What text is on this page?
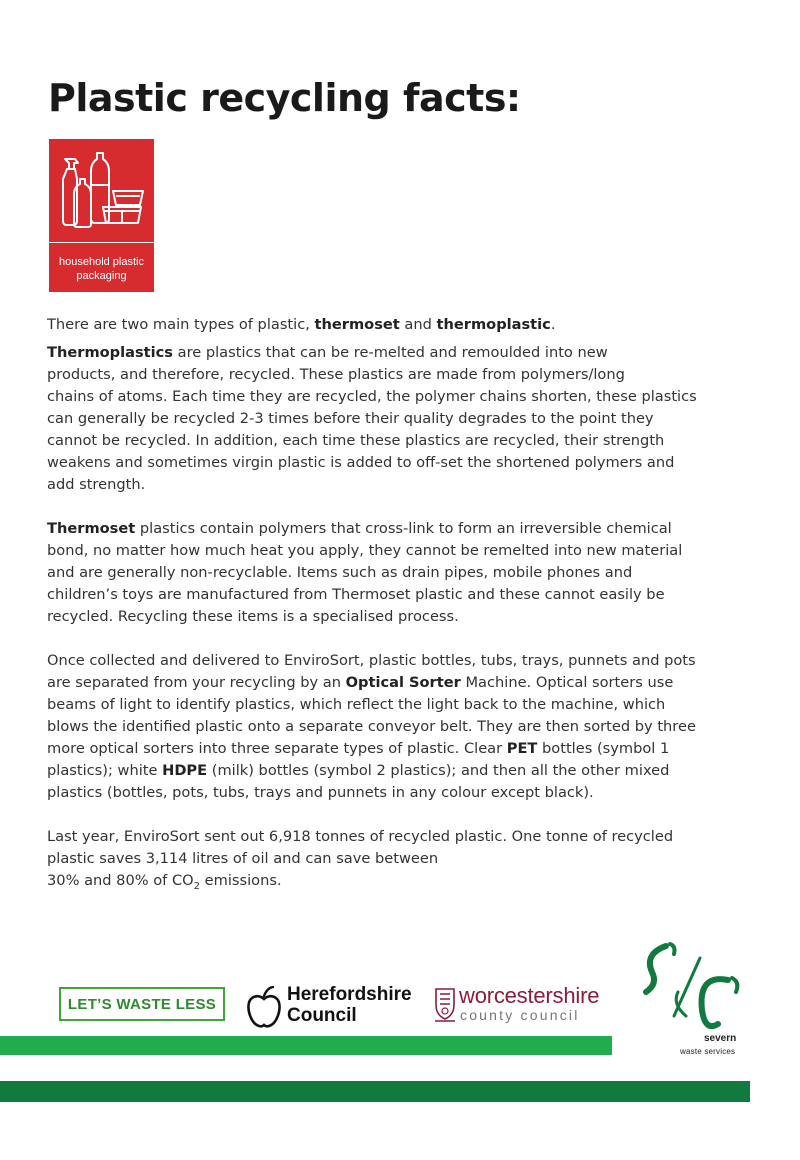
Plastic recycling facts:
household plastic
packaging

There are two main types of plastic, thermoset and thermoplastic.

Thermoplastics are plastics that can be re-melted and remoulded into new
products, and therefore, recycled. These plastics are made from polymers/long
chains of atoms. Each time they are recycled, the polymer chains shorten, these plastics
can generally be recycled 2-3 times before their quality degrades to the point they
cannot be recycled. In addition, each time these plastics are recycled, their strength
weakens and sometimes virgin plastic is added to off-set the shortened polymers and
add strength.

Thermoset plastics contain polymers that cross-link to form an irreversible chemical
bond, no matter how much heat you apply, they cannot be remelted into new material
and are generally non-recyclable. Items such as drain pipes, mobile phones and
children’s toys are manufactured from Thermoset plastic and these cannot easily be
recycled. Recycling these items is a specialised process.

Once collected and delivered to EnviroSort, plastic bottles, tubs, trays, punnets and pots
are separated from your recycling by an Optical Sorter Machine. Optical sorters use
beams of light to identify plastics, which reflect the light back to the machine, which
blows the identified plastic onto a separate conveyor belt. They are then sorted by three
more optical sorters into three separate types of plastic. Clear PET bottles (symbol 1
plastics); white HDPE (milk) bottles (symbol 2 plastics); and then all the other mixed
plastics (bottles, pots, tubs, trays and punnets in any colour except black).

Last year, EnviroSort sent out 6,918 tonnes of recycled plastic. One tonne of recycled
plastic saves 3,114 litres of oil and can save between
30% and 80% of $CO_2$ emissions.

LET’S WASTE LESS	Herefordshire
Council
worcestershire
county council
severn
waste services
